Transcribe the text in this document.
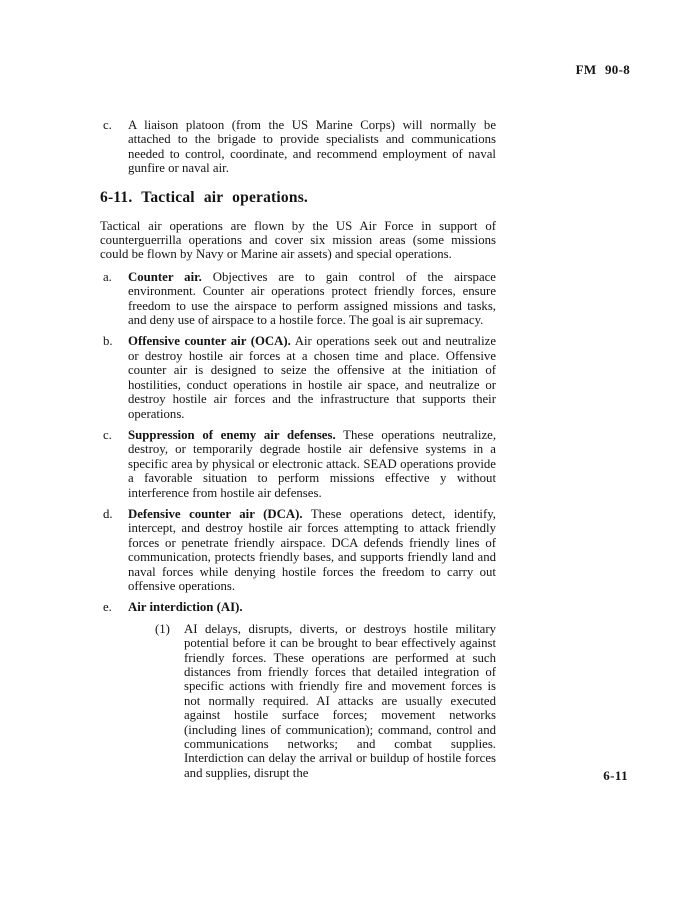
FM 90-8
c. A liaison platoon (from the US Marine Corps) will normally be attached to the brigade to provide specialists and communications needed to control, coordinate, and recommend employment of naval gunfire or naval air.
6-11. Tactical air operations.

Tactical air operations are flown by the US Air Force in support of counterguerrilla operations and cover six mission areas (some missions could be flown by Navy or Marine air assets) and special operations.

a. Counter air. Objectives are to gain control of the airspace environment. Counter air operations protect friendly forces, ensure freedom to use the airspace to perform assigned missions and tasks, and deny use of airspace to a hostile force. The goal is air supremacy.
b. Offensive counter air (OCA). Air operations seek out and neutralize or destroy hostile air forces at a chosen time and place. Offensive counter air is designed to seize the offensive at the initiation of hostilities, conduct operations in hostile air space, and neutralize or destroy hostile air forces and the infrastructure that supports their operations.
c. Suppression of enemy air defenses. These operations neutralize, destroy, or temporarily degrade hostile air defensive systems in a specific area by physical or electronic attack. SEAD operations provide a favorable situation to perform missions effective y without interference from hostile air defenses.
d. Defensive counter air (DCA). These operations detect, identify, intercept, and destroy hostile air forces attempting to attack friendly forces or penetrate friendly airspace. DCA defends friendly lines of communication, protects friendly bases, and supports friendly land and naval forces while denying hostile forces the freedom to carry out offensive operations.
e. Air interdiction (AI).
(1) AI delays, disrupts, diverts, or destroys hostile military potential before it can be brought to bear effectively against friendly forces. These operations are performed at such distances from friendly forces that detailed integration of specific actions with friendly fire and movement forces is not normally required. AI attacks are usually executed against hostile surface forces; movement networks (including lines of communication); command, control and communications networks; and combat supplies. Interdiction can delay the arrival or buildup of hostile forces and supplies, disrupt the	6-11
